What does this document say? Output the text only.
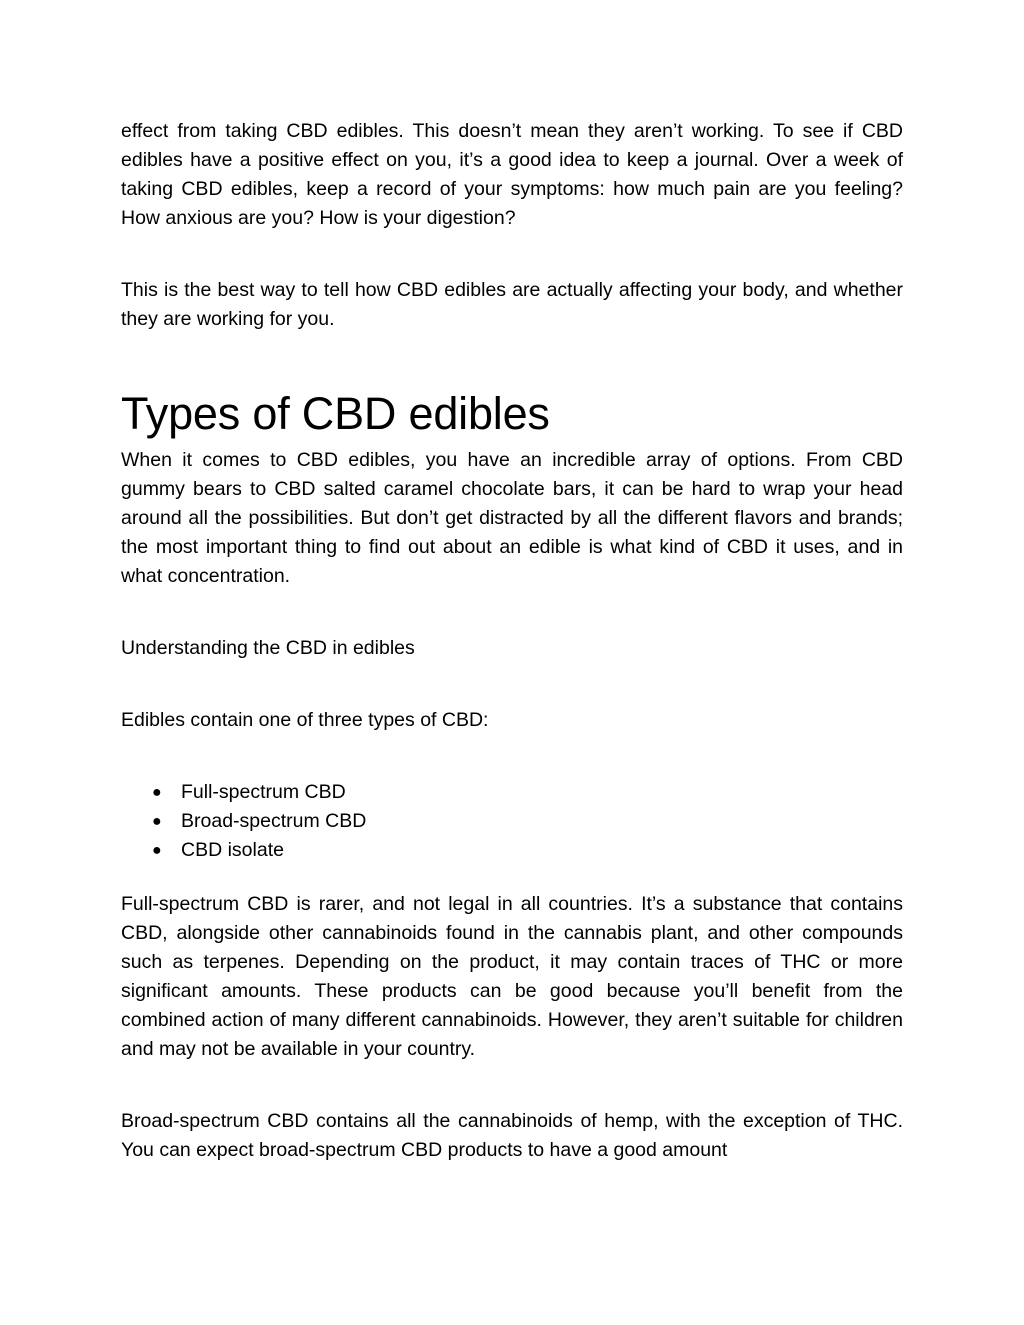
effect from taking CBD edibles. This doesn’t mean they aren’t working. To see if CBD edibles have a positive effect on you, it’s a good idea to keep a journal. Over a week of taking CBD edibles, keep a record of your symptoms: how much pain are you feeling? How anxious are you? How is your digestion?

This is the best way to tell how CBD edibles are actually affecting your body, and whether they are working for you.

Types of CBD edibles

When it comes to CBD edibles, you have an incredible array of options. From CBD gummy bears to CBD salted caramel chocolate bars, it can be hard to wrap your head around all the possibilities. But don’t get distracted by all the different flavors and brands; the most important thing to find out about an edible is what kind of CBD it uses, and in what concentration.

Understanding the CBD in edibles

Edibles contain one of three types of CBD:

● Full-spectrum CBD
● Broad-spectrum CBD
● CBD isolate

Full-spectrum CBD is rarer, and not legal in all countries. It’s a substance that contains CBD, alongside other cannabinoids found in the cannabis plant, and other compounds such as terpenes. Depending on the product, it may contain traces of THC or more significant amounts. These products can be good because you’ll benefit from the combined action of many different cannabinoids. However, they aren’t suitable for children and may not be available in your country.

Broad-spectrum CBD contains all the cannabinoids of hemp, with the exception of THC. You can expect broad-spectrum CBD products to have a good amount
